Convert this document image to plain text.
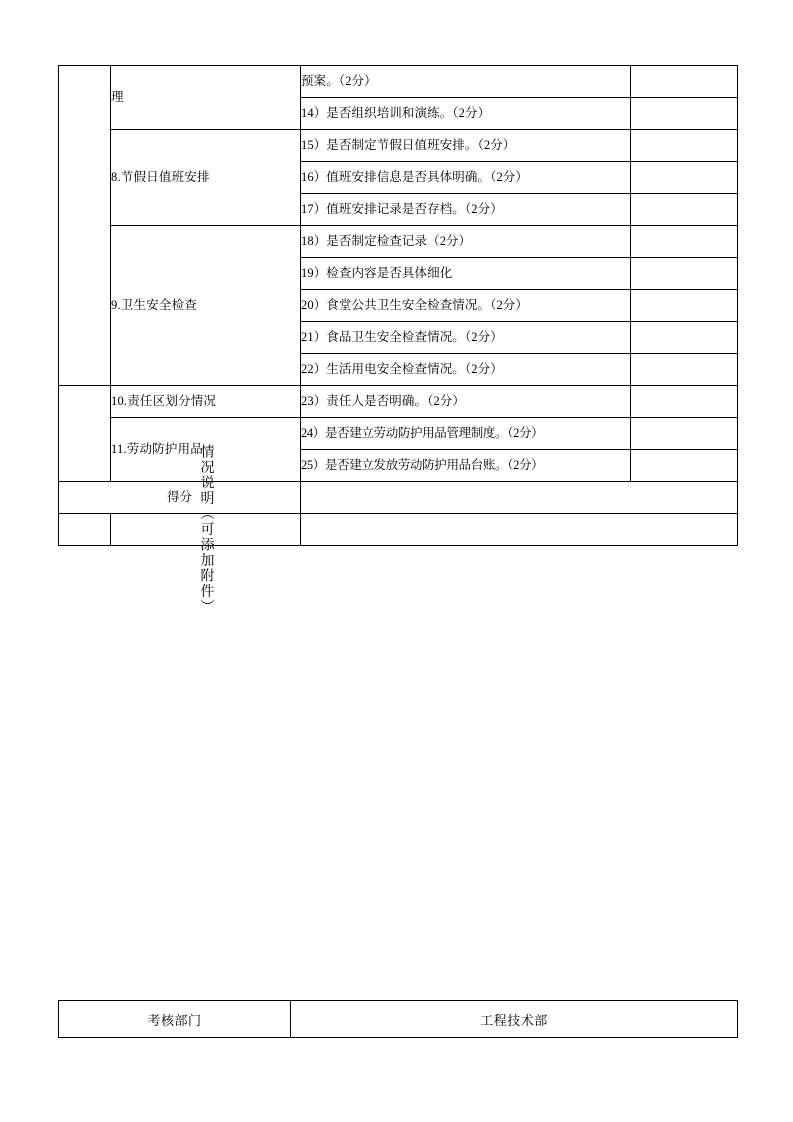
	理	预案。（2分）	
		14）是否组织培训和演练。（2分）	
	8.节假日值班安排	15）是否制定节假日值班安排。（2分）	
		16）值班安排信息是否具体明确。（2分）	
		17）值班安排记录是否存档。（2分）	
	9.卫生安全检查	18）是否制定检查记录（2分）	
		19）检查内容是否具体细化	
		20）食堂公共卫生安全检查情况。（2分）	
		21）食品卫生安全检查情况。（2分）	
		22）生活用电安全检查情况。（2分）	
	10.责任区划分情况	23）责任人是否明确。（2分）	
	11.劳动防护用品	24）是否建立劳动防护用品管理制度。（2分）	
		25）是否建立发放劳动防护用品台账。（2分）	
得分			

	情况说明（可添加附件）		

考核部门	工程技术部
